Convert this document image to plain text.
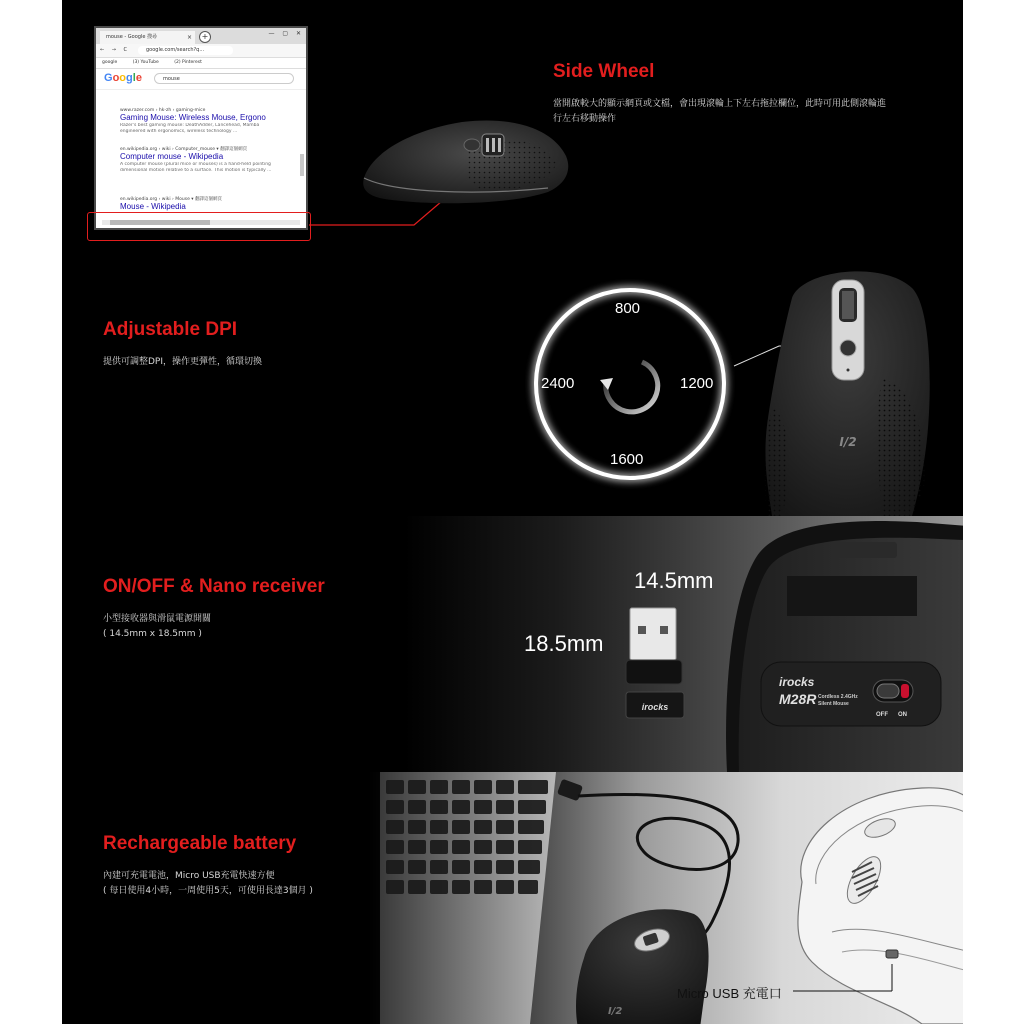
mouse - Google 搜尋	×	+	— ▢ ✕
← → C	google.com/search?q...
google	(3) YouTube	(2) Pinterest
Google	mouse
www.razer.com › hk-zh › gaming-mice
Gaming Mouse: Wireless Mouse, Ergono
Razer's best gaming mouse: DeathAdder, Lancehead, Mamba
engineered with ergonomics, wireless technology ...
en.wikipedia.org › wiki › Computer_mouse ▾ 翻譯這個網頁
Computer mouse - Wikipedia
A computer mouse (plural mice or mouses) is a hand-held pointing
dimensional motion relative to a surface. This motion is typically ...
en.wikipedia.org › wiki › Mouse ▾ 翻譯這個網頁
Mouse - Wikipedia
Side Wheel
當開啟較大的顯示網頁或文檔，會出現滾輪上下左右拖拉欄位，此時可用此側滾輪進
行左右移動操作
Adjustable DPI
提供可調整DPI，操作更彈性，循環切換
800
1200
1600
2400
I/2
ON/OFF & Nano receiver
小型接收器與滑鼠電源開關
( 14.5mm x 18.5mm )
14.5mm
18.5mm
irocks
irocks
M28R Cordless 2.4GHz
Silent Mouse
OFF ON
Rechargeable battery
內建可充電電池，Micro USB充電快速方便
( 每日使用4小時，一周使用5天，可使用長達3個月 )
I/2
Micro USB 充電口
